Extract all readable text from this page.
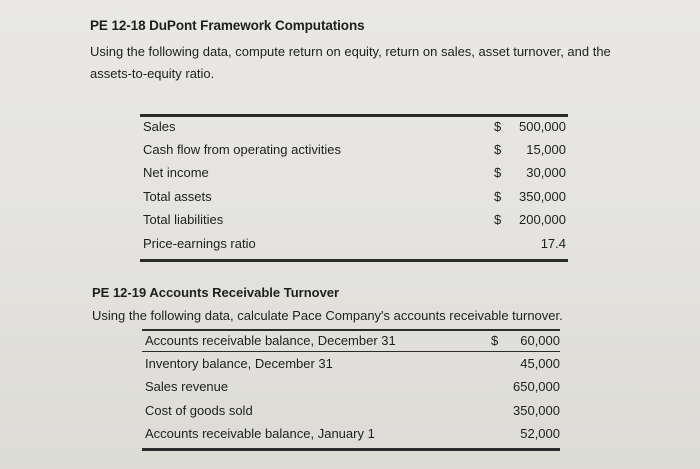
PE 12-18 DuPont Framework Computations
Using the following data, compute return on equity, return on sales, asset turnover, and the assets-to-equity ratio.
Sales	$ 500,000
Cash flow from operating activities	$ 15,000
Net income	$ 30,000
Total assets	$ 350,000
Total liabilities	$ 200,000
Price-earnings ratio	17.4
PE 12-19 Accounts Receivable Turnover
Using the following data, calculate Pace Company's accounts receivable turnover.
Accounts receivable balance, December 31	$ 60,000
Inventory balance, December 31	45,000
Sales revenue	650,000
Cost of goods sold	350,000
Accounts receivable balance, January 1	52,000
